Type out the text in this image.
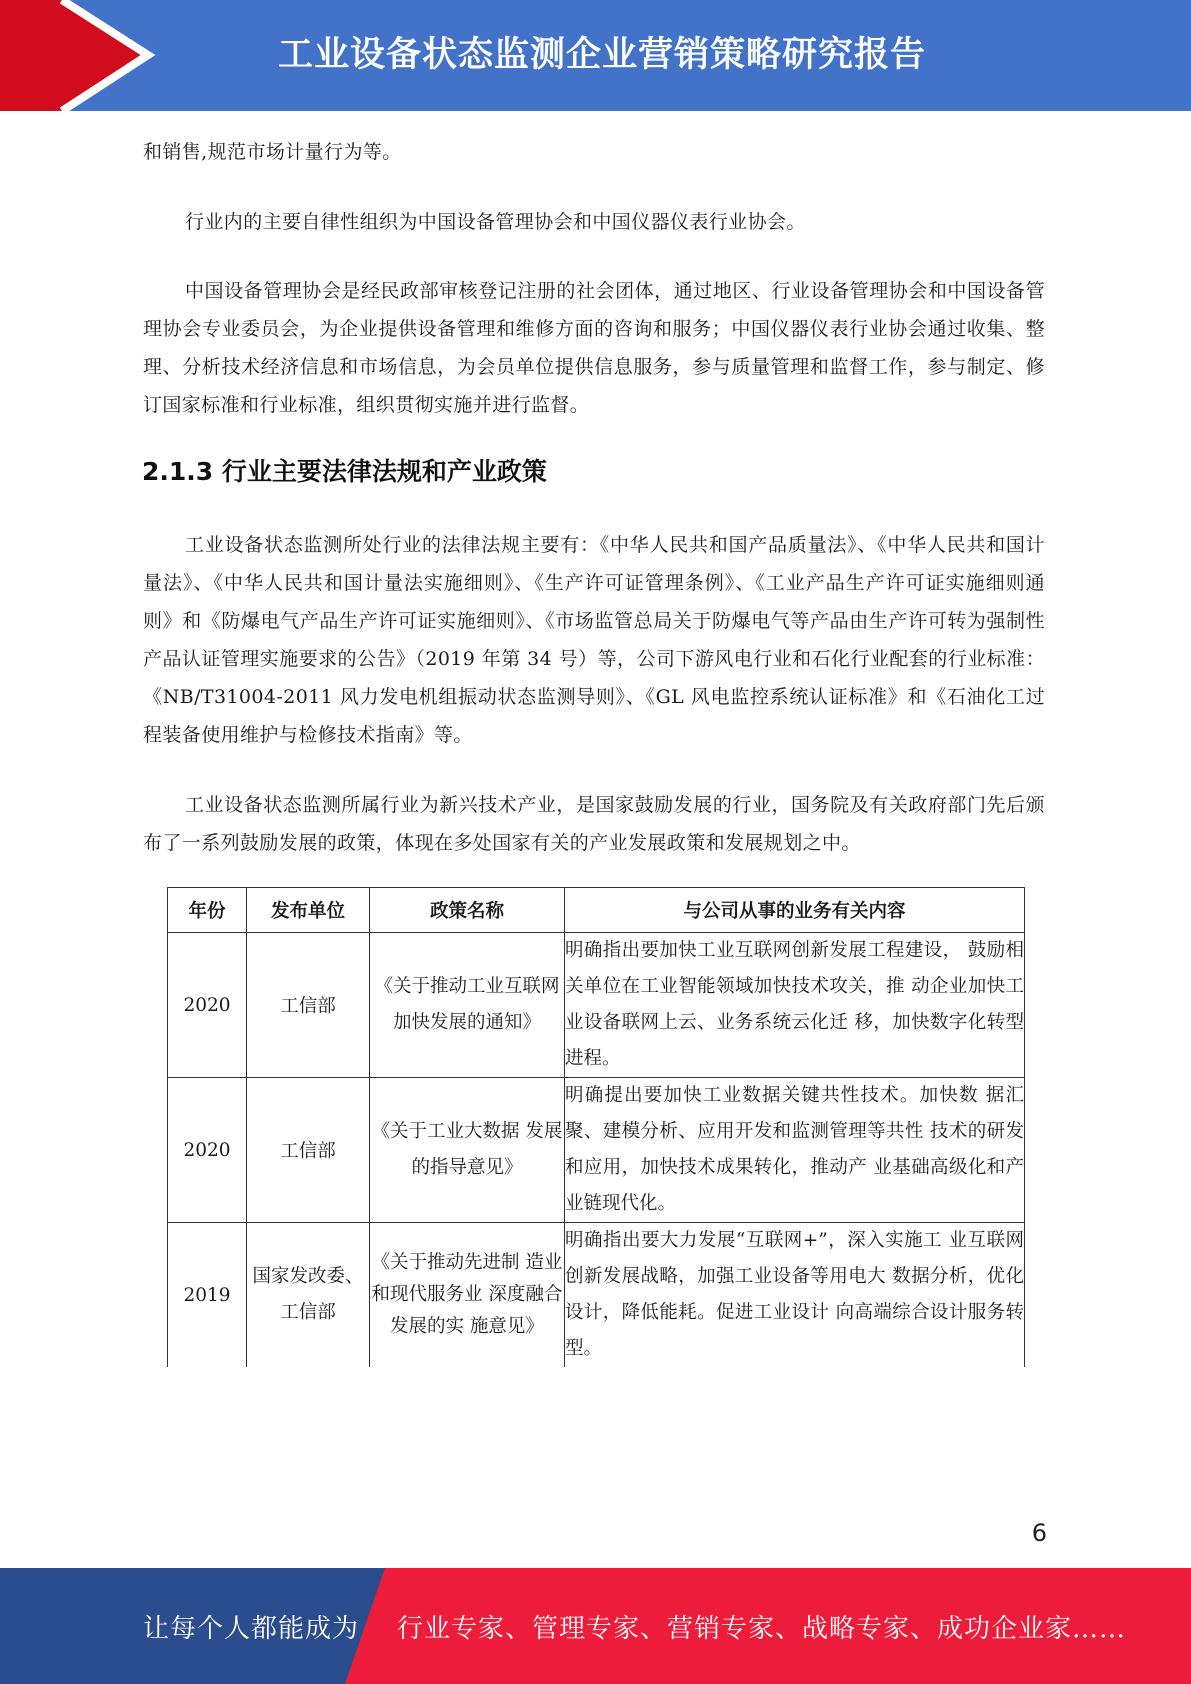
工业设备状态监测企业营销策略研究报告
和销售,规范市场计量行为等。
行业内的主要自律性组织为中国设备管理协会和中国仪器仪表行业协会。
中国设备管理协会是经民政部审核登记注册的社会团体，通过地区、行业设备管理协会和中国设备管理协会专业委员会，为企业提供设备管理和维修方面的咨询和服务；中国仪器仪表行业协会通过收集、整理、分析技术经济信息和市场信息，为会员单位提供信息服务，参与质量管理和监督工作，参与制定、修订国家标准和行业标准，组织贯彻实施并进行监督。
2.1.3 行业主要法律法规和产业政策
工业设备状态监测所处行业的法律法规主要有：《中华人民共和国产品质量法》、《中华人民共和国计量法》、《中华人民共和国计量法实施细则》、《生产许可证管理条例》、《工业产品生产许可证实施细则通则》和《防爆电气产品生产许可证实施细则》、《市场监管总局关于防爆电气等产品由生产许可转为强制性产品认证管理实施要求的公告》（2019 年第 34 号）等，公司下游风电行业和石化行业配套的行业标准：《NB/T31004-2011 风力发电机组振动状态监测导则》、《GL 风电监控系统认证标准》和《石油化工过程装备使用维护与检修技术指南》等。
工业设备状态监测所属行业为新兴技术产业，是国家鼓励发展的行业，国务院及有关政府部门先后颁布了一系列鼓励发展的政策，体现在多处国家有关的产业发展政策和发展规划之中。
年份	发布单位	政策名称	与公司从事的业务有关内容
2020	工信部	《关于推动工业互联网加快发展的通知》	明确指出要加快工业互联网创新发展工程建设， 鼓励相关单位在工业智能领域加快技术攻关，推 动企业加快工业设备联网上云、业务系统云化迁 移，加快数字化转型进程。
2020	工信部	《关于工业大数据 发展的指导意见》	明确提出要加快工业数据关键共性技术。加快数 据汇聚、建模分析、应用开发和监测管理等共性 技术的研发和应用，加快技术成果转化，推动产 业基础高级化和产业链现代化。
2019	国家发改委、工信部	《关于推动先进制 造业和现代服务业 深度融合发展的实 施意见》	明确指出要大力发展“互联网+”，深入实施工 业互联网创新发展战略，加强工业设备等用电大 数据分析，优化设计，降低能耗。促进工业设计 向高端综合设计服务转型。
6
让每个人都能成为 行业专家、管理专家、营销专家、战略专家、成功企业家……
